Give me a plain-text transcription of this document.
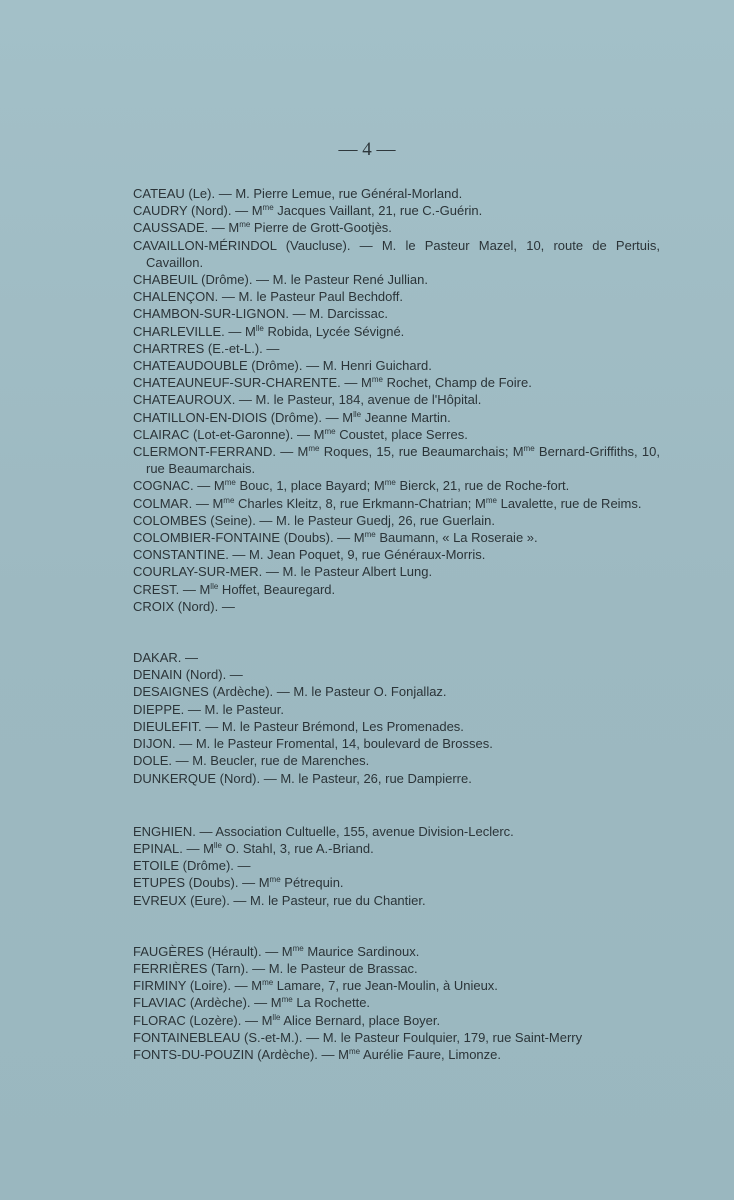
— 4 —
CATEAU (Le). — M. Pierre Lemue, rue Général-Morland.
CAUDRY (Nord). — $M^{me}$ Jacques Vaillant, 21, rue C.-Guérin.
CAUSSADE. — $M^{me}$ Pierre de Grott-Gootjès.
CAVAILLON-MÉRINDOL (Vaucluse). — M. le Pasteur Mazel, 10, route de Pertuis, Cavaillon.
CHABEUIL (Drôme). — M. le Pasteur René Jullian.
CHALENÇON. — M. le Pasteur Paul Bechdoff.
CHAMBON-SUR-LIGNON. — M. Darcissac.
CHARLEVILLE. — $M^{lle}$ Robida, Lycée Sévigné.
CHARTRES (E.-et-L.). —
CHATEAUDOUBLE (Drôme). — M. Henri Guichard.
CHATEAUNEUF-SUR-CHARENTE. — $M^{me}$ Rochet, Champ de Foire.
CHATEAUROUX. — M. le Pasteur, 184, avenue de l'Hôpital.
CHATILLON-EN-DIOIS (Drôme). — $M^{lle}$ Jeanne Martin.
CLAIRAC (Lot-et-Garonne). — $M^{me}$ Coustet, place Serres.
CLERMONT-FERRAND. — $M^{me}$ Roques, 15, rue Beaumarchais; $M^{me}$ Bernard-Griffiths, 10, rue Beaumarchais.
COGNAC. — $M^{me}$ Bouc, 1, place Bayard; $M^{me}$ Bierck, 21, rue de Roche-fort.
COLMAR. — $M^{me}$ Charles Kleitz, 8, rue Erkmann-Chatrian; $M^{me}$ Lavalette, rue de Reims.
COLOMBES (Seine). — M. le Pasteur Guedj, 26, rue Guerlain.
COLOMBIER-FONTAINE (Doubs). — $M^{me}$ Baumann, « La Roseraie ».
CONSTANTINE. — M. Jean Poquet, 9, rue Généraux-Morris.
COURLAY-SUR-MER. — M. le Pasteur Albert Lung.
CREST. — $M^{lle}$ Hoffet, Beauregard.
CROIX (Nord). —
DAKAR. —
DENAIN (Nord). —
DESAIGNES (Ardèche). — M. le Pasteur O. Fonjallaz.
DIEPPE. — M. le Pasteur.
DIEULEFIT. — M. le Pasteur Brémond, Les Promenades.
DIJON. — M. le Pasteur Fromental, 14, boulevard de Brosses.
DOLE. — M. Beucler, rue de Marenches.
DUNKERQUE (Nord). — M. le Pasteur, 26, rue Dampierre.
ENGHIEN. — Association Cultuelle, 155, avenue Division-Leclerc.
EPINAL. — $M^{lle}$ O. Stahl, 3, rue A.-Briand.
ETOILE (Drôme). —
ETUPES (Doubs). — $M^{me}$ Pétrequin.
EVREUX (Eure). — M. le Pasteur, rue du Chantier.
FAUGÈRES (Hérault). — $M^{me}$ Maurice Sardinoux.
FERRIÈRES (Tarn). — M. le Pasteur de Brassac.
FIRMINY (Loire). — $M^{me}$ Lamare, 7, rue Jean-Moulin, à Unieux.
FLAVIAC (Ardèche). — $M^{me}$ La Rochette.
FLORAC (Lozère). — $M^{lle}$ Alice Bernard, place Boyer.
FONTAINEBLEAU (S.-et-M.). — M. le Pasteur Foulquier, 179, rue Saint-Merry
FONTS-DU-POUZIN (Ardèche). — $M^{me}$ Aurélie Faure, Limonze.
